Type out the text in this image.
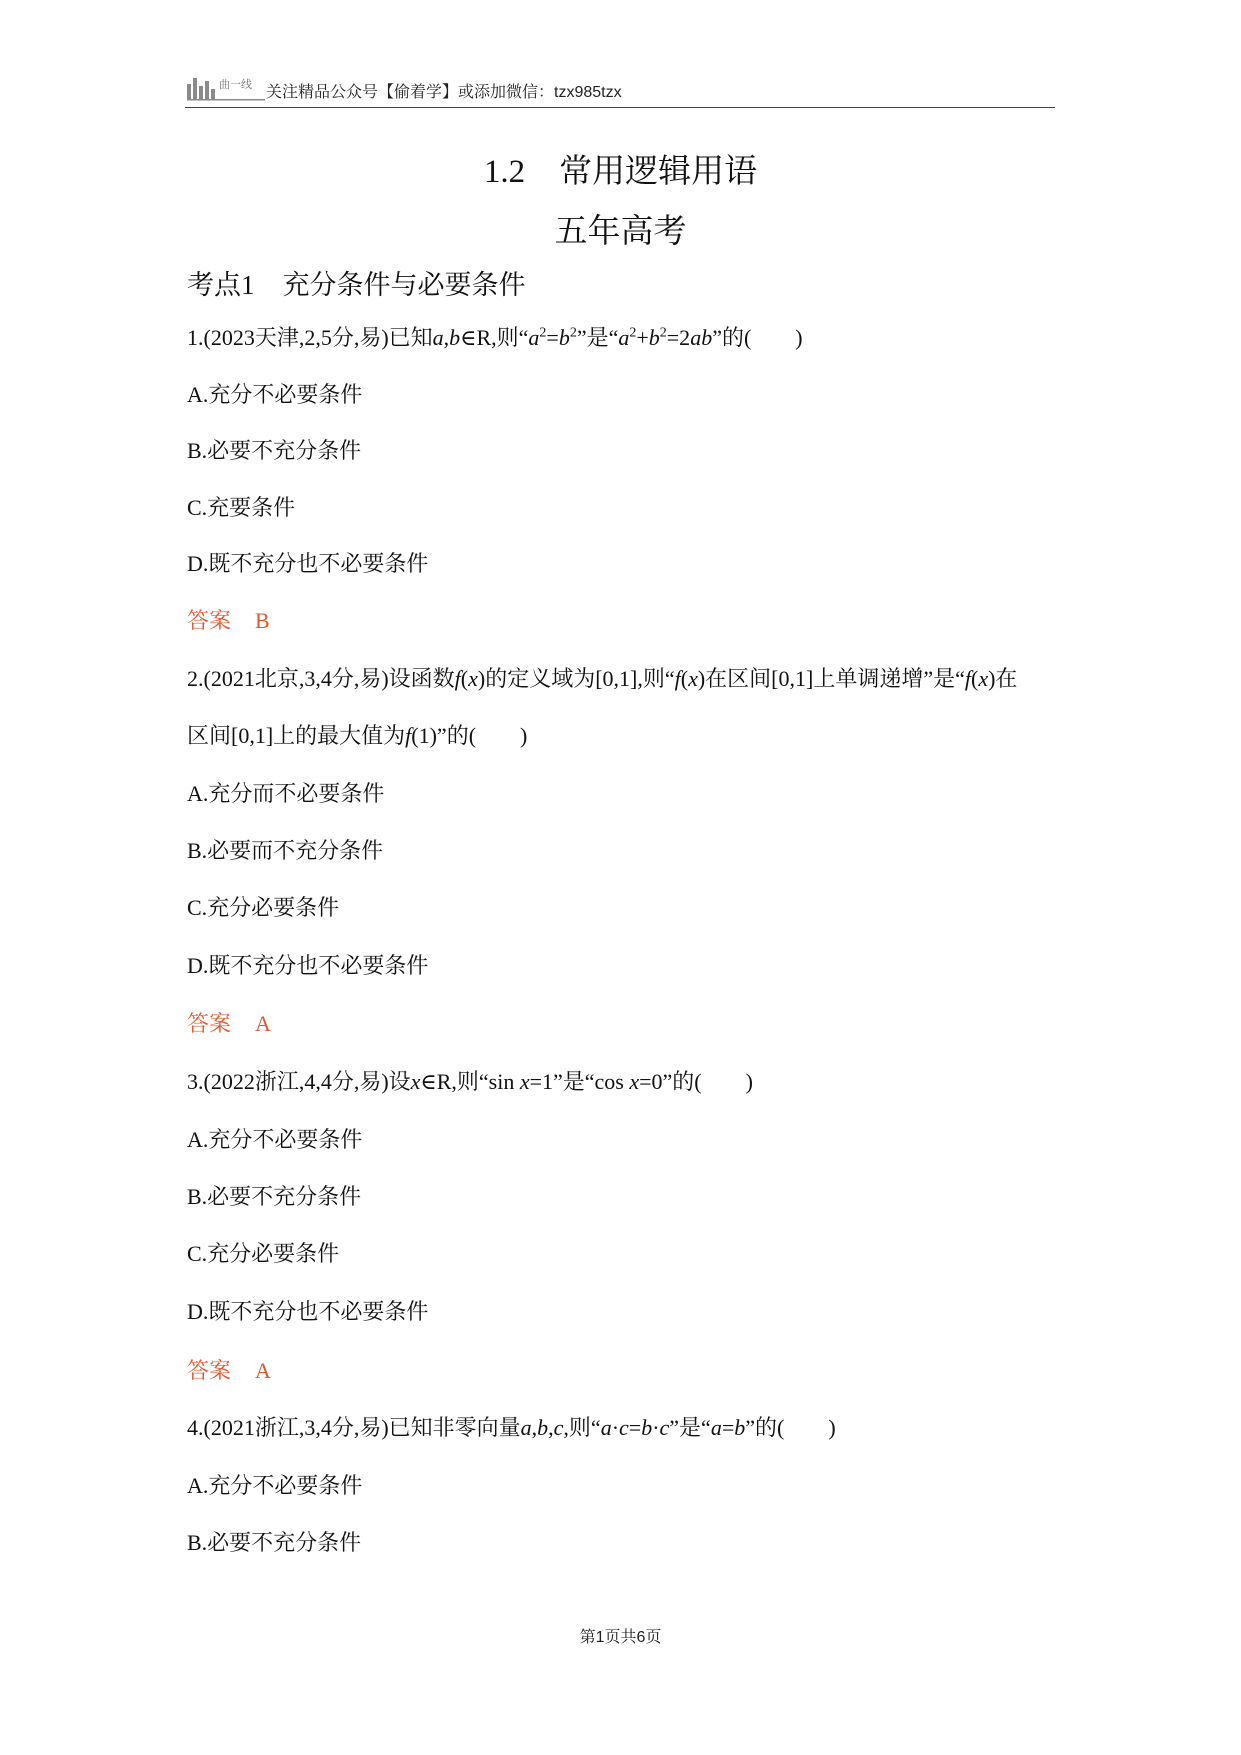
曲一线 关注精品公众号【偷着学】或添加微信：tzx985tzx
1.2 常用逻辑用语
五年高考
考点1 充分条件与必要条件
1.(2023天津,2,5分,易)已知a,b∈R,则“$a^2=b^2$”是“$a^2+b^2=2ab$”的(　　)
A.充分不必要条件
B.必要不充分条件
C.充要条件
D.既不充分也不必要条件
答案 B
2.(2021北京,3,4分,易)设函数f(x)的定义域为[0,1],则“f(x)在区间[0,1]上单调递增”是“f(x)在
区间[0,1]上的最大值为f(1)”的(　　)
A.充分而不必要条件
B.必要而不充分条件
C.充分必要条件
D.既不充分也不必要条件
答案 A
3.(2022浙江,4,4分,易)设x∈R,则“sin x=1”是“cos x=0”的(　　)
A.充分不必要条件
B.必要不充分条件
C.充分必要条件
D.既不充分也不必要条件
答案 A
4.(2021浙江,3,4分,易)已知非零向量a,b,c,则“a·c=b·c”是“a=b”的(　　)
A.充分不必要条件
B.必要不充分条件
第1页共6页
